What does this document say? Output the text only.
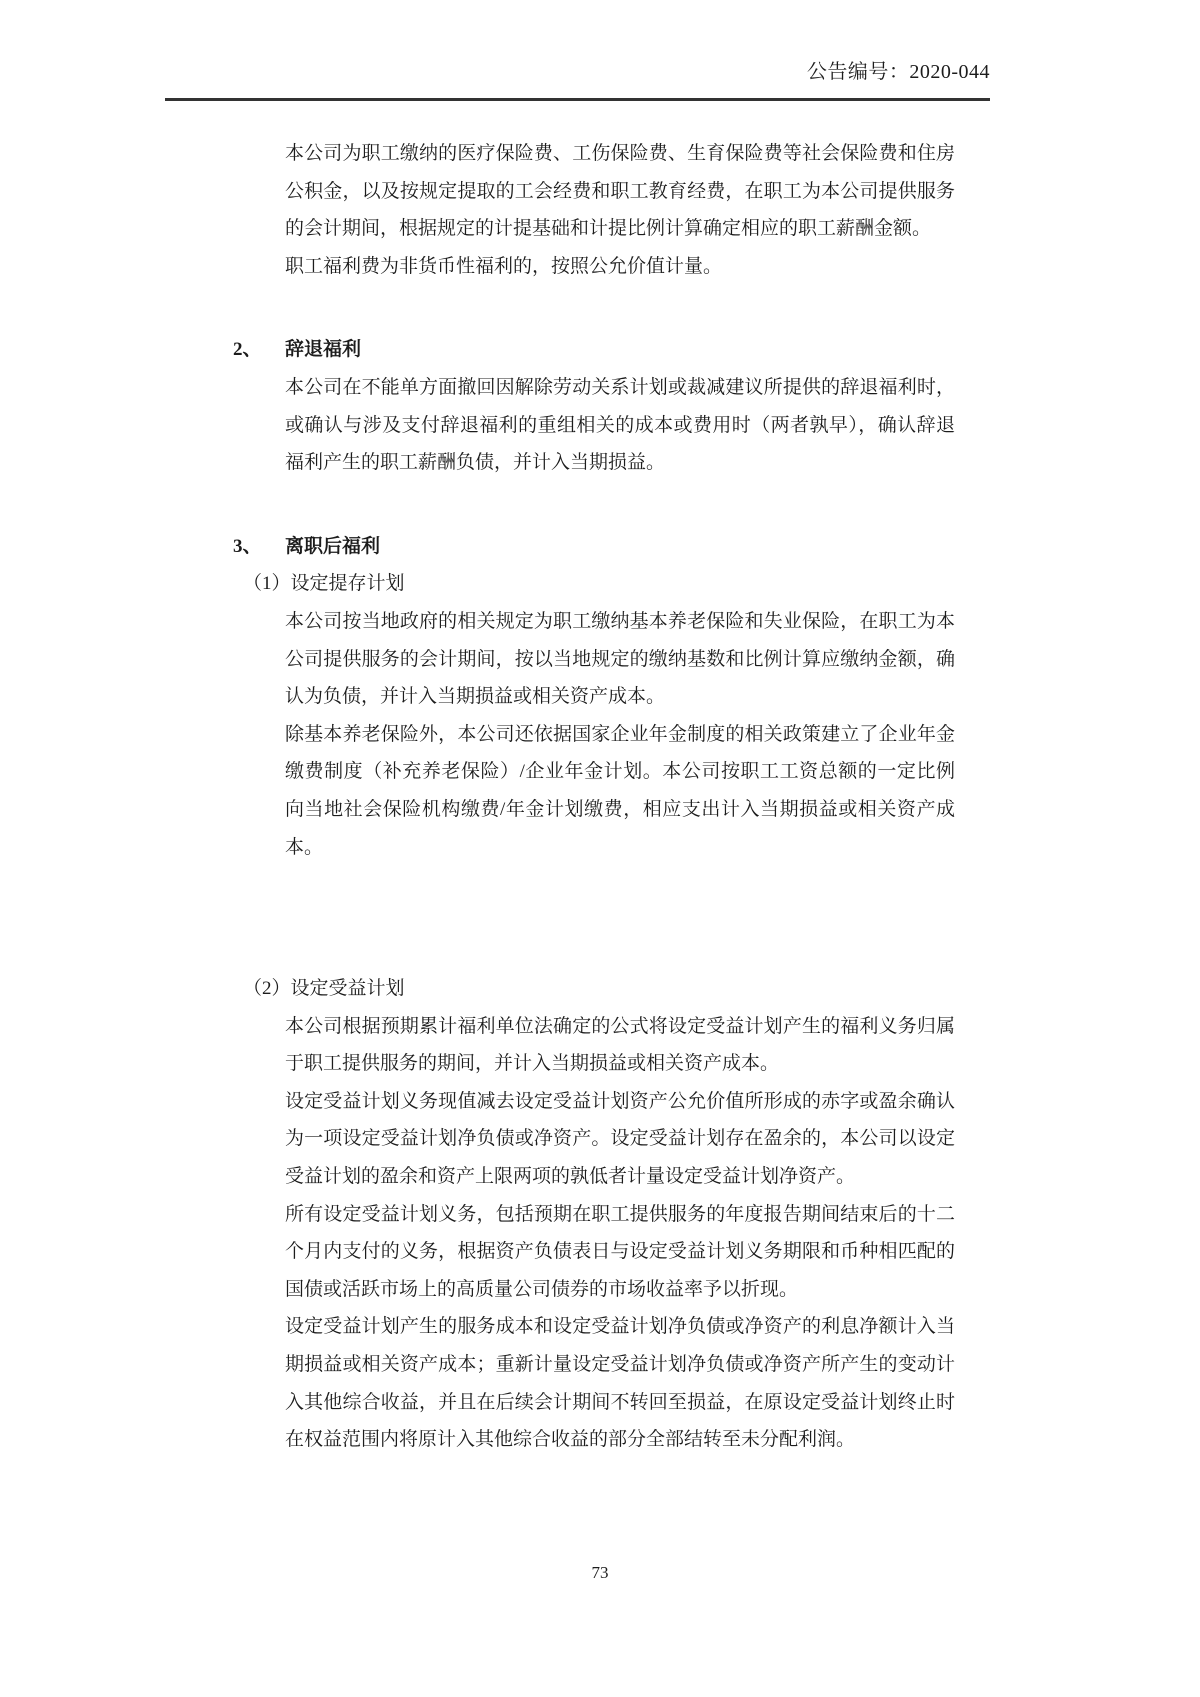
公告编号：2020-044

本公司为职工缴纳的医疗保险费、工伤保险费、生育保险费等社会保险费和住房公积金，以及按规定提取的工会经费和职工教育经费，在职工为本公司提供服务的会计期间，根据规定的计提基础和计提比例计算确定相应的职工薪酬金额。

职工福利费为非货币性福利的，按照公允价值计量。

2、 辞退福利

本公司在不能单方面撤回因解除劳动关系计划或裁减建议所提供的辞退福利时，或确认与涉及支付辞退福利的重组相关的成本或费用时（两者孰早），确认辞退福利产生的职工薪酬负债，并计入当期损益。

3、 离职后福利
（1）设定提存计划

本公司按当地政府的相关规定为职工缴纳基本养老保险和失业保险，在职工为本公司提供服务的会计期间，按以当地规定的缴纳基数和比例计算应缴纳金额，确认为负债，并计入当期损益或相关资产成本。

除基本养老保险外，本公司还依据国家企业年金制度的相关政策建立了企业年金缴费制度（补充养老保险）/企业年金计划。本公司按职工工资总额的一定比例向当地社会保险机构缴费/年金计划缴费，相应支出计入当期损益或相关资产成本。

（2）设定受益计划

本公司根据预期累计福利单位法确定的公式将设定受益计划产生的福利义务归属于职工提供服务的期间，并计入当期损益或相关资产成本。

设定受益计划义务现值减去设定受益计划资产公允价值所形成的赤字或盈余确认为一项设定受益计划净负债或净资产。设定受益计划存在盈余的，本公司以设定受益计划的盈余和资产上限两项的孰低者计量设定受益计划净资产。

所有设定受益计划义务，包括预期在职工提供服务的年度报告期间结束后的十二个月内支付的义务，根据资产负债表日与设定受益计划义务期限和币种相匹配的国债或活跃市场上的高质量公司债券的市场收益率予以折现。

设定受益计划产生的服务成本和设定受益计划净负债或净资产的利息净额计入当期损益或相关资产成本；重新计量设定受益计划净负债或净资产所产生的变动计入其他综合收益，并且在后续会计期间不转回至损益，在原设定受益计划终止时在权益范围内将原计入其他综合收益的部分全部结转至未分配利润。

73
